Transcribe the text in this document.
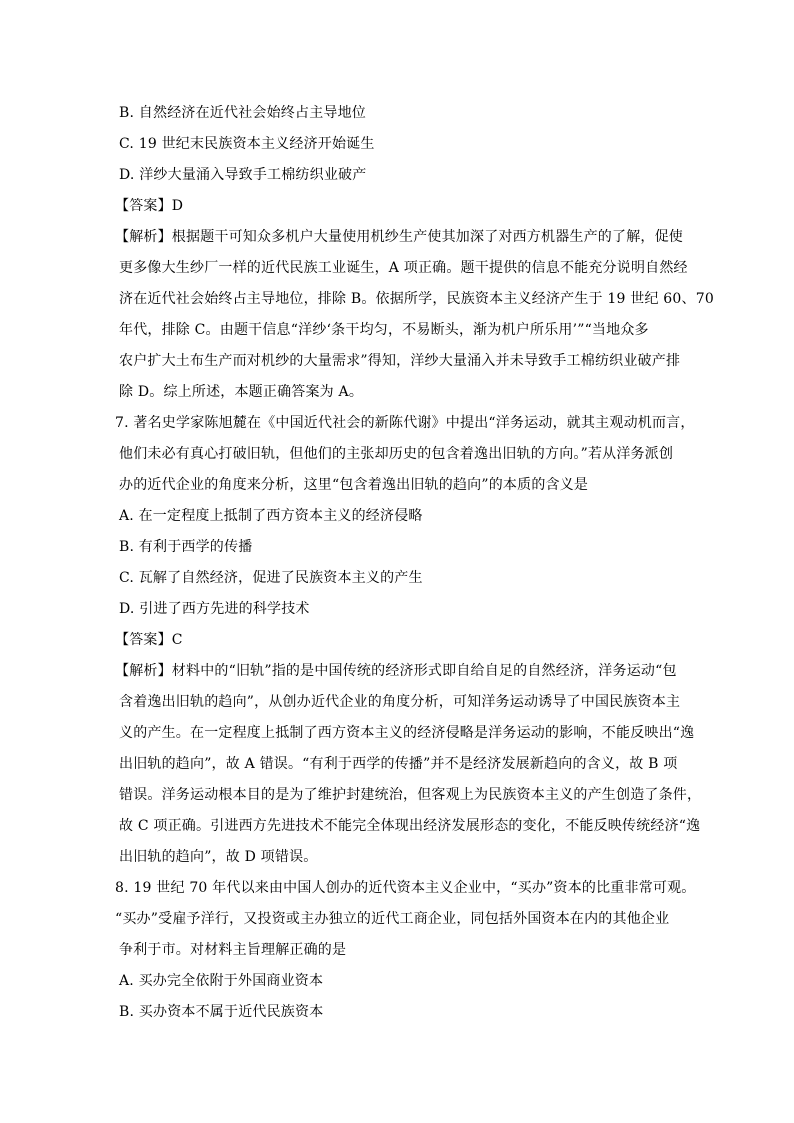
B. 自然经济在近代社会始终占主导地位
C. 19 世纪末民族资本主义经济开始诞生
D. 洋纱大量涌入导致手工棉纺织业破产
【答案】D
【解析】根据题干可知众多机户大量使用机纱生产使其加深了对西方机器生产的了解，促使
更多像大生纱厂一样的近代民族工业诞生，A 项正确。题干提供的信息不能充分说明自然经
济在近代社会始终占主导地位，排除 B。依据所学，民族资本主义经济产生于 19 世纪 60、70
年代，排除 C。由题干信息“洋纱‘条干均匀，不易断头，渐为机户所乐用’”“当地众多
农户扩大土布生产而对机纱的大量需求”得知，洋纱大量涌入并未导致手工棉纺织业破产排
除 D。综上所述，本题正确答案为 A。
7. 著名史学家陈旭麓在《中国近代社会的新陈代谢》中提出“洋务运动，就其主观动机而言，
他们未必有真心打破旧轨，但他们的主张却历史的包含着逸出旧轨的方向。”若从洋务派创
办的近代企业的角度来分析，这里“包含着逸出旧轨的趋向”的本质的含义是
A. 在一定程度上抵制了西方资本主义的经济侵略
B. 有利于西学的传播
C. 瓦解了自然经济，促进了民族资本主义的产生
D. 引进了西方先进的科学技术
【答案】C
【解析】材料中的“旧轨”指的是中国传统的经济形式即自给自足的自然经济，洋务运动“包
含着逸出旧轨的趋向”，从创办近代企业的角度分析，可知洋务运动诱导了中国民族资本主
义的产生。在一定程度上抵制了西方资本主义的经济侵略是洋务运动的影响，不能反映出“逸
出旧轨的趋向”，故 A 错误。“有利于西学的传播”并不是经济发展新趋向的含义，故 B 项
错误。洋务运动根本目的是为了维护封建统治，但客观上为民族资本主义的产生创造了条件，
故 C 项正确。引进西方先进技术不能完全体现出经济发展形态的变化，不能反映传统经济“逸
出旧轨的趋向”，故 D 项错误。
8. 19 世纪 70 年代以来由中国人创办的近代资本主义企业中，“买办”资本的比重非常可观。
“买办”受雇予洋行，又投资或主办独立的近代工商企业，同包括外国资本在内的其他企业
争利于市。对材料主旨理解正确的是
A. 买办完全依附于外国商业资本
B. 买办资本不属于近代民族资本
